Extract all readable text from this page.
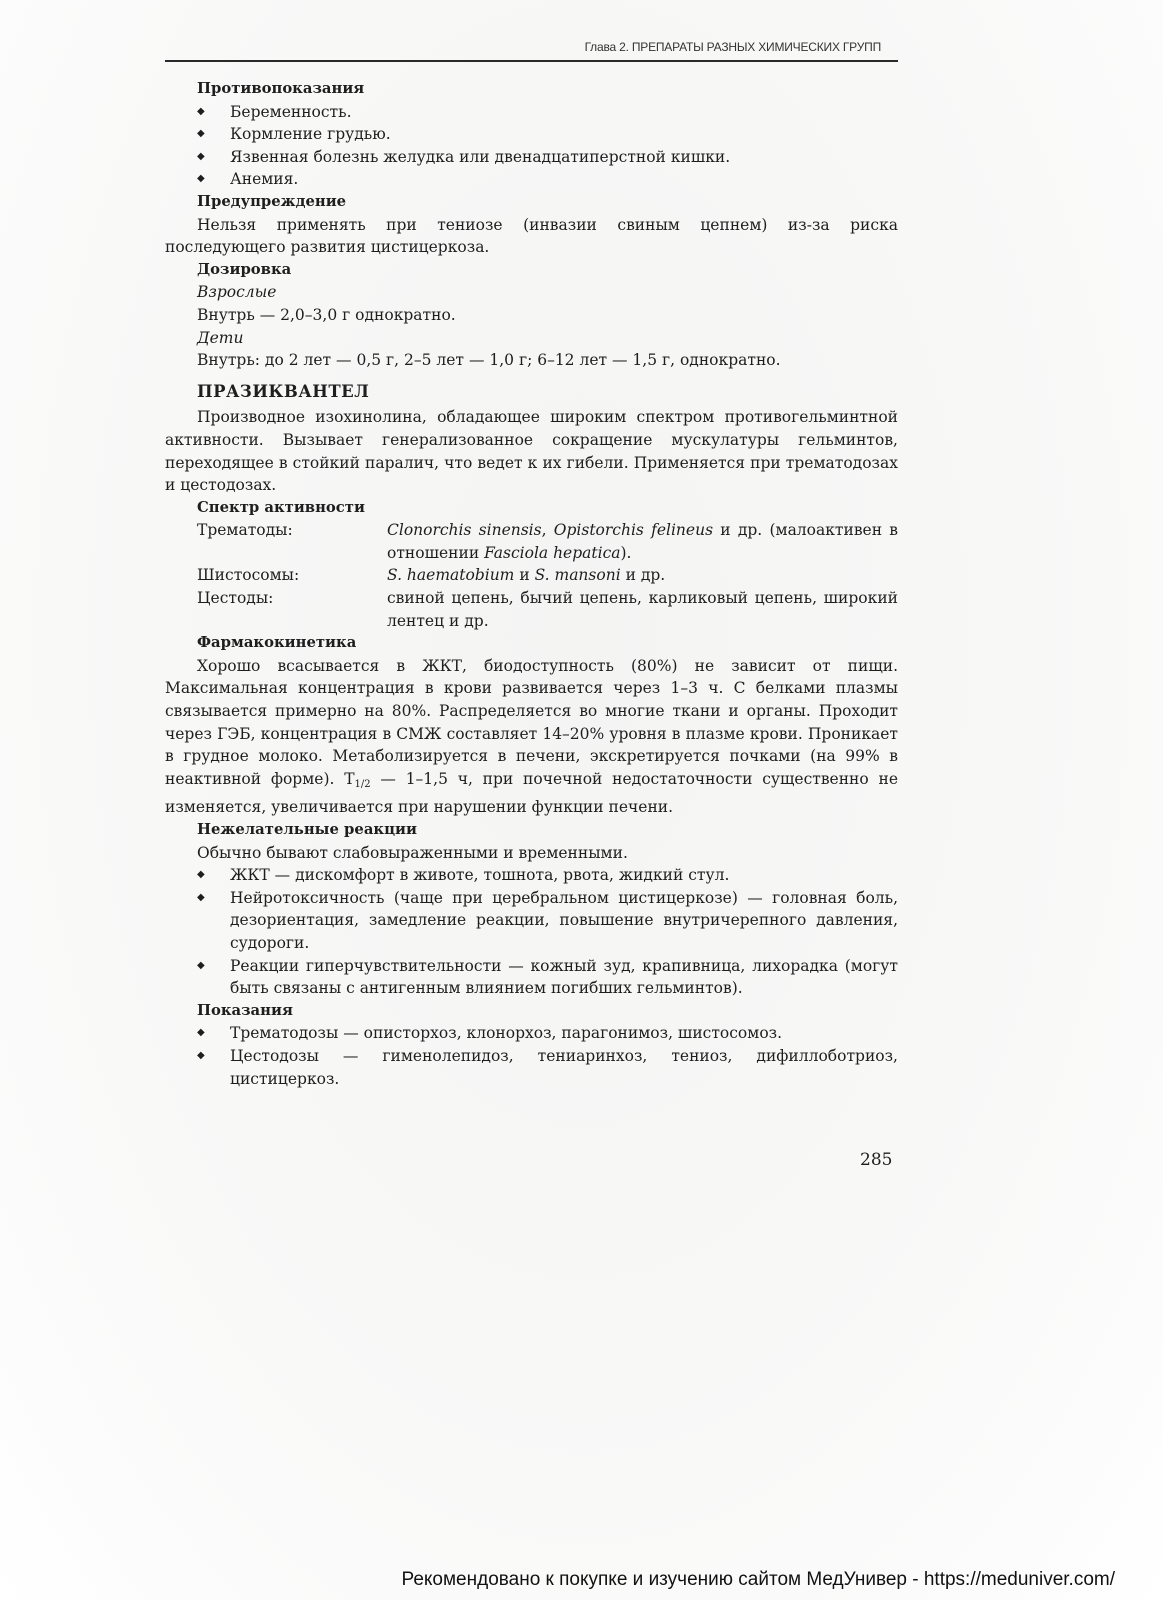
Глава 2. ПРЕПАРАТЫ РАЗНЫХ ХИМИЧЕСКИХ ГРУПП
Противопоказания
◆ Беременность.
◆ Кормление грудью.
◆ Язвенная болезнь желудка или двенадцатиперстной кишки.
◆ Анемия.
Предупреждение

Нельзя применять при тениозе (инвазии свиным цепнем) из-за риска последующего развития цистицеркоза.

Дозировка

Взрослые

Внутрь — 2,0–3,0 г однократно.

Дети

Внутрь: до 2 лет — 0,5 г, 2–5 лет — 1,0 г; 6–12 лет — 1,5 г, однократно.

ПРАЗИКВАНТЕЛ

Производное изохинолина, обладающее широким спектром противогельминтной активности. Вызывает генерализованное сокращение мускулатуры гельминтов, переходящее в стойкий паралич, что ведет к их гибели. Применяется при трематодозах и цестодозах.

Спектр активности
Трематоды:	Clonorchis sinensis, Opistorchis felineus и др. (малоактивен в отношении Fasciola hepatica).
Шистосомы:	S. haematobium и S. mansoni и др.
Цестоды:	свиной цепень, бычий цепень, карликовый цепень, широкий лентец и др.
Фармакокинетика

Хорошо всасывается в ЖКТ, биодоступность (80%) не зависит от пищи. Максимальная концентрация в крови развивается через 1–3 ч. С белками плазмы связывается примерно на 80%. Распределяется во многие ткани и органы. Проходит через ГЭБ, концентрация в СМЖ составляет 14–20% уровня в плазме крови. Проникает в грудное молоко. Метаболизируется в печени, экскретируется почками (на 99% в неактивной форме). $T_{1/2}$ — 1–1,5 ч, при почечной недостаточности существенно не изменяется, увеличивается при нарушении функции печени.

Нежелательные реакции

Обычно бывают слабовыраженными и временными.

◆ ЖКТ — дискомфорт в животе, тошнота, рвота, жидкий стул.
◆ Нейротоксичность (чаще при церебральном цистицеркозе) — головная боль, дезориентация, замедление реакции, повышение внутричерепного давления, судороги.
◆ Реакции гиперчувствительности — кожный зуд, крапивница, лихорадка (могут быть связаны с антигенным влиянием погибших гельминтов).
Показания
◆ Трематодозы — описторхоз, клонорхоз, парагонимоз, шистосомоз.
◆ Цестодозы — гименолепидоз, тениаринхоз, тениоз, дифиллоботриоз, цистицеркоз.
285
Рекомендовано к покупке и изучению сайтом МедУнивер - https://meduniver.com/
